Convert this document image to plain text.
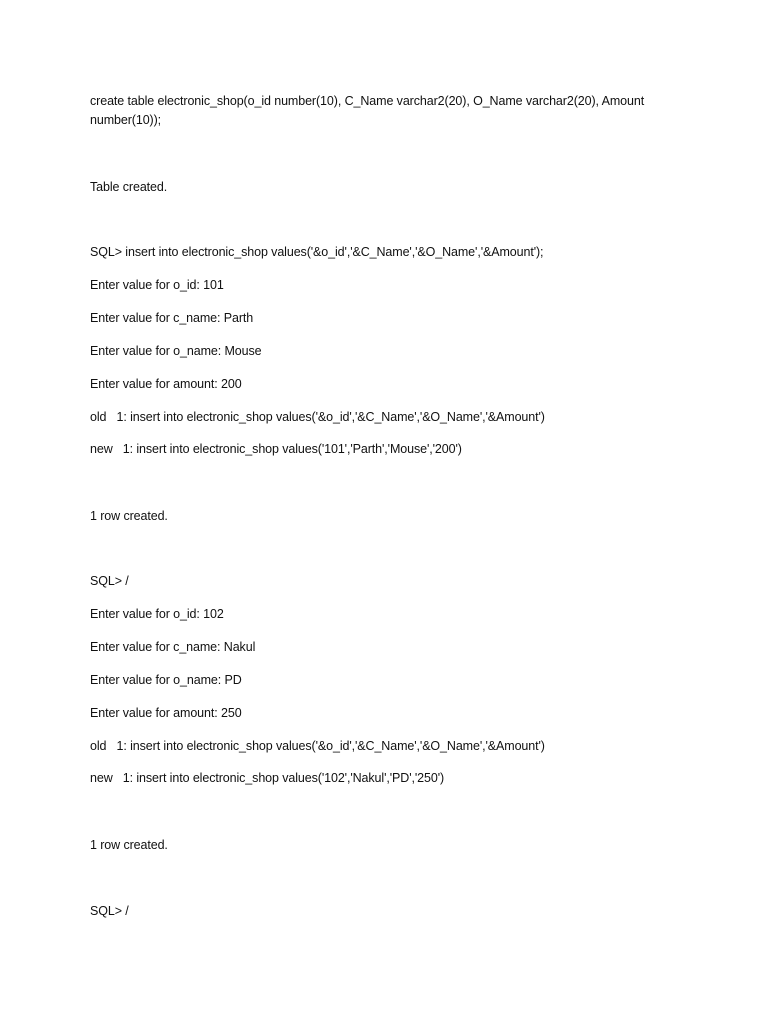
create table electronic_shop(o_id number(10), C_Name varchar2(20), O_Name varchar2(20), Amount number(10));
Table created.
SQL> insert into electronic_shop values('&o_id','&C_Name','&O_Name','&Amount');
Enter value for o_id: 101
Enter value for c_name: Parth
Enter value for o_name: Mouse
Enter value for amount: 200
old   1: insert into electronic_shop values('&o_id','&C_Name','&O_Name','&Amount')
new   1: insert into electronic_shop values('101','Parth','Mouse','200')
1 row created.
SQL> /
Enter value for o_id: 102
Enter value for c_name: Nakul
Enter value for o_name: PD
Enter value for amount: 250
old   1: insert into electronic_shop values('&o_id','&C_Name','&O_Name','&Amount')
new   1: insert into electronic_shop values('102','Nakul','PD','250')
1 row created.
SQL> /
